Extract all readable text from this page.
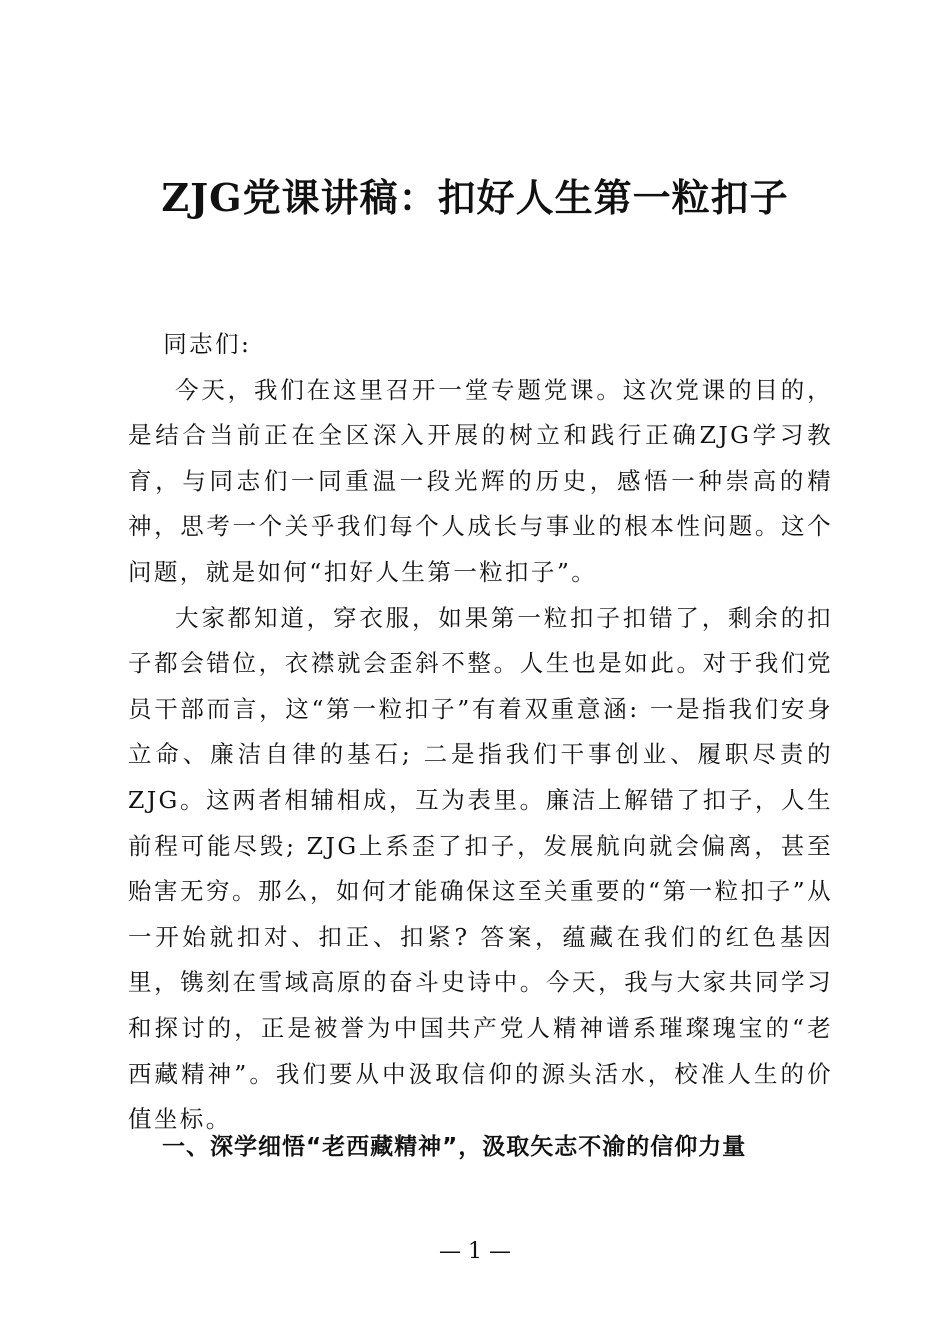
ZJG党课讲稿：扣好人生第一粒扣子

同志们:

今天，我们在这里召开一堂专题党课。这次党课的目的，是结合当前正在全区深入开展的树立和践行正确ZJG学习教育，与同志们一同重温一段光辉的历史，感悟一种崇高的精神，思考一个关乎我们每个人成长与事业的根本性问题。这个问题，就是如何“扣好人生第一粒扣子”。

大家都知道，穿衣服，如果第一粒扣子扣错了，剩余的扣子都会错位，衣襟就会歪斜不整。人生也是如此。对于我们党员干部而言，这“第一粒扣子”有着双重意涵: 一是指我们安身立命、廉洁自律的基石; 二是指我们干事创业、履职尽责的ZJG。这两者相辅相成，互为表里。廉洁上解错了扣子，人生前程可能尽毁; ZJG上系歪了扣子，发展航向就会偏离，甚至贻害无穷。那么，如何才能确保这至关重要的“第一粒扣子”从一开始就扣对、扣正、扣紧? 答案，蕴藏在我们的红色基因里，镌刻在雪域高原的奋斗史诗中。今天，我与大家共同学习和探讨的，正是被誉为中国共产党人精神谱系璀璨瑰宝的“老西藏精神”。我们要从中汲取信仰的源头活水，校准人生的价值坐标。

一、深学细悟“老西藏精神”，汲取矢志不渝的信仰力量
— 1 —
